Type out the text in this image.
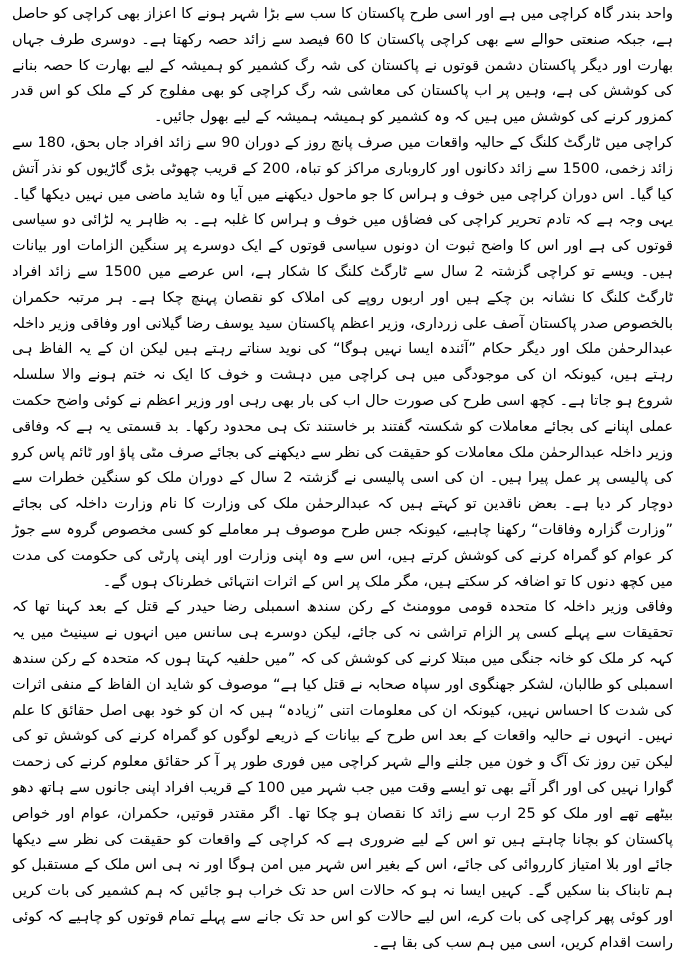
واحد بندر گاہ کراچی میں ہے اور اسی طرح پاکستان کا سب سے بڑا شہر ہونے کا اعزاز بھی کراچی کو حاصل ہے، جبکہ صنعتی حوالے سے بھی کراچی پاکستان کا 60 فیصد سے زائد حصہ رکھتا ہے۔ دوسری طرف جہاں بھارت اور دیگر پاکستان دشمن قوتوں نے پاکستان کی شہ رگ کشمیر کو ہمیشہ کے لیے بھارت کا حصہ بنانے کی کوشش کی ہے، وہیں پر اب پاکستان کی معاشی شہ رگ کراچی کو بھی مفلوج کر کے ملک کو اس قدر کمزور کرنے کی کوشش میں ہیں کہ وہ کشمیر کو ہمیشہ ہمیشہ کے لیے بھول جائیں۔

کراچی میں ٹارگٹ کلنگ کے حالیہ واقعات میں صرف پانچ روز کے دوران 90 سے زائد افراد جاں بحق، 180 سے زائد زخمی، 1500 سے زائد دکانوں اور کاروباری مراکز کو تباہ، 200 کے قریب چھوٹی بڑی گاڑیوں کو نذر آتش کیا گیا۔ اس دوران کراچی میں خوف و ہراس کا جو ماحول دیکھنے میں آیا وہ شاید ماضی میں نہیں دیکھا گیا۔ یہی وجہ ہے کہ تادم تحریر کراچی کی فضاؤں میں خوف و ہراس کا غلبہ ہے۔ بہ ظاہر یہ لڑائی دو سیاسی قوتوں کی ہے اور اس کا واضح ثبوت ان دونوں سیاسی قوتوں کے ایک دوسرے پر سنگین الزامات اور بیانات ہیں۔ ویسے تو کراچی گزشتہ 2 سال سے ٹارگٹ کلنگ کا شکار ہے، اس عرصے میں 1500 سے زائد افراد ٹارگٹ کلنگ کا نشانہ بن چکے ہیں اور اربوں روپے کی املاک کو نقصان پہنچ چکا ہے۔ ہر مرتبہ حکمران بالخصوص صدر پاکستان آصف علی زرداری، وزیر اعظم پاکستان سید یوسف رضا گیلانی اور وفاقی وزیر داخلہ عبدالرحمٰن ملک اور دیگر حکام ”آئندہ ایسا نہیں ہوگا“ کی نوید سناتے رہتے ہیں لیکن ان کے یہ الفاظ ہی رہتے ہیں، کیونکہ ان کی موجودگی میں ہی کراچی میں دہشت و خوف کا ایک نہ ختم ہونے والا سلسلہ شروع ہو جاتا ہے۔ کچھ اسی طرح کی صورت حال اب کی بار بھی رہی اور وزیر اعظم نے کوئی واضح حکمت عملی اپنانے کی بجائے معاملات کو شکستہ گفتند بر خاستند تک ہی محدود رکھا۔ بد قسمتی یہ ہے کہ وفاقی وزیر داخلہ عبدالرحمٰن ملک معاملات کو حقیقت کی نظر سے دیکھنے کی بجائے صرف مٹی پاؤ اور ٹائم پاس کرو کی پالیسی پر عمل پیرا ہیں۔ ان کی اسی پالیسی نے گزشتہ 2 سال کے دوران ملک کو سنگین خطرات سے دوچار کر دیا ہے۔ بعض ناقدین تو کہتے ہیں کہ عبدالرحمٰن ملک کی وزارت کا نام وزارت داخلہ کی بجائے ”وزارت گزارہ وفاقات“ رکھنا چاہیے، کیونکہ جس طرح موصوف ہر معاملے کو کسی مخصوص گروہ سے جوڑ کر عوام کو گمراہ کرنے کی کوشش کرتے ہیں، اس سے وہ اپنی وزارت اور اپنی پارٹی کی حکومت کی مدت میں کچھ دنوں کا تو اضافہ کر سکتے ہیں، مگر ملک پر اس کے اثرات انتہائی خطرناک ہوں گے۔

وفاقی وزیر داخلہ کا متحدہ قومی موومنٹ کے رکن سندھ اسمبلی رضا حیدر کے قتل کے بعد کہنا تھا کہ تحقیقات سے پہلے کسی پر الزام تراشی نہ کی جائے، لیکن دوسرے ہی سانس میں انہوں نے سینیٹ میں یہ کہہ کر ملک کو خانہ جنگی میں مبتلا کرنے کی کوشش کی کہ ”میں حلفیہ کہتا ہوں کہ متحدہ کے رکن سندھ اسمبلی کو طالبان، لشکر جھنگوی اور سپاہ صحابہ نے قتل کیا ہے“ موصوف کو شاید ان الفاظ کے منفی اثرات کی شدت کا احساس نہیں، کیونکہ ان کی معلومات اتنی ”زیادہ“ ہیں کہ ان کو خود بھی اصل حقائق کا علم نہیں۔ انہوں نے حالیہ واقعات کے بعد اس طرح کے بیانات کے ذریعے لوگوں کو گمراہ کرنے کی کوشش تو کی لیکن تین روز تک آگ و خون میں جلنے والے شہر کراچی میں فوری طور پر آ کر حقائق معلوم کرنے کی زحمت گوارا نہیں کی اور اگر آئے بھی تو ایسے وقت میں جب شہر میں 100 کے قریب افراد اپنی جانوں سے ہاتھ دھو بیٹھے تھے اور ملک کو 25 ارب سے زائد کا نقصان ہو چکا تھا۔ اگر مقتدر قوتیں، حکمران، عوام اور خواص پاکستان کو بچانا چاہتے ہیں تو اس کے لیے ضروری ہے کہ کراچی کے واقعات کو حقیقت کی نظر سے دیکھا جائے اور بلا امتیاز کارروائی کی جائے، اس کے بغیر اس شہر میں امن ہوگا اور نہ ہی اس ملک کے مستقبل کو ہم تابناک بنا سکیں گے۔ کہیں ایسا نہ ہو کہ حالات اس حد تک خراب ہو جائیں کہ ہم کشمیر کی بات کریں اور کوئی پھر کراچی کی بات کرے، اس لیے حالات کو اس حد تک جانے سے پہلے تمام قوتوں کو چاہیے کہ کوئی راست اقدام کریں، اسی میں ہم سب کی بقا ہے۔
